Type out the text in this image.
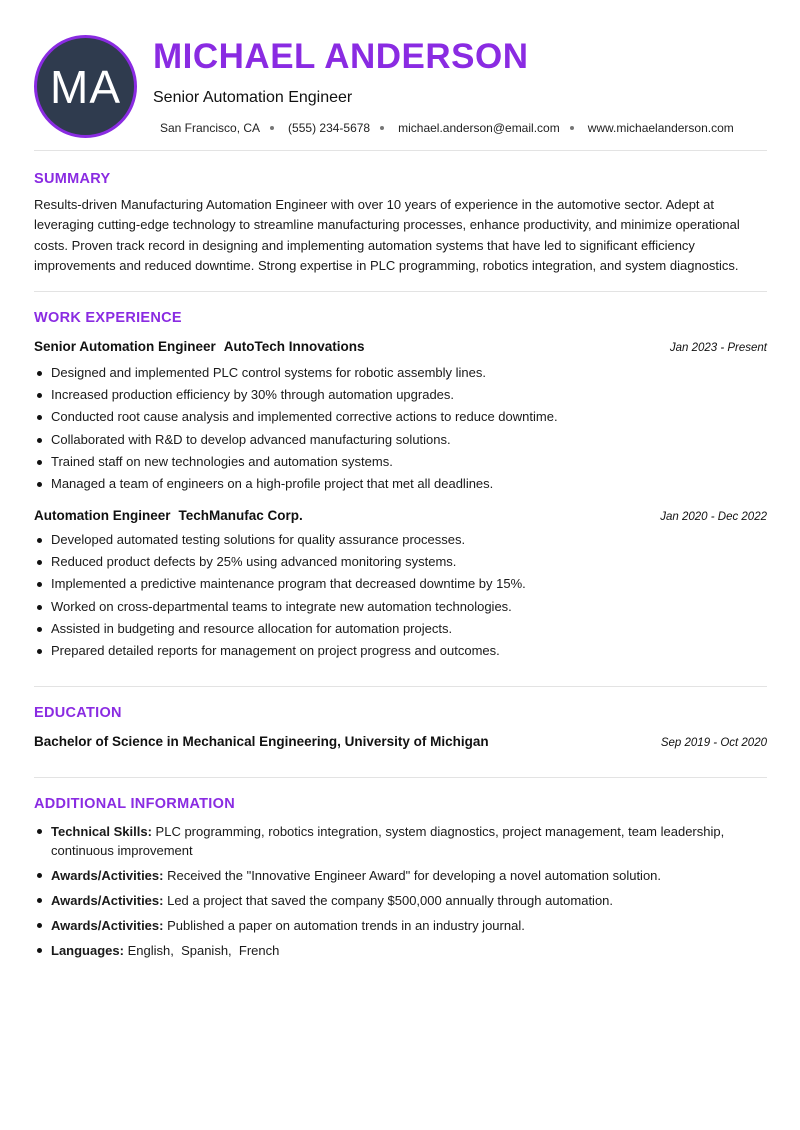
MA
MICHAEL ANDERSON
Senior Automation Engineer
San Francisco, CA (555) 234-5678 michael.anderson@email.com www.michaelanderson.com
SUMMARY

Results-driven Manufacturing Automation Engineer with over 10 years of experience in the automotive sector. Adept at leveraging cutting-edge technology to streamline manufacturing processes, enhance productivity, and minimize operational costs. Proven track record in designing and implementing automation systems that have led to significant efficiency improvements and reduced downtime. Strong expertise in PLC programming, robotics integration, and system diagnostics.

WORK EXPERIENCE
Senior Automation Engineer AutoTech Innovations	Jan 2023 - Present
Designed and implemented PLC control systems for robotic assembly lines.
Increased production efficiency by 30% through automation upgrades.
Conducted root cause analysis and implemented corrective actions to reduce downtime.
Collaborated with R&D to develop advanced manufacturing solutions.
Trained staff on new technologies and automation systems.
Managed a team of engineers on a high-profile project that met all deadlines.
Automation Engineer TechManufac Corp.	Jan 2020 - Dec 2022
Developed automated testing solutions for quality assurance processes.
Reduced product defects by 25% using advanced monitoring systems.
Implemented a predictive maintenance program that decreased downtime by 15%.
Worked on cross-departmental teams to integrate new automation technologies.
Assisted in budgeting and resource allocation for automation projects.
Prepared detailed reports for management on project progress and outcomes.
EDUCATION
Bachelor of Science in Mechanical Engineering, University of Michigan	Sep 2019 - Oct 2020
ADDITIONAL INFORMATION
Technical Skills: PLC programming, robotics integration, system diagnostics, project management, team leadership, continuous improvement
Awards/Activities: Received the "Innovative Engineer Award" for developing a novel automation solution.
Awards/Activities: Led a project that saved the company $500,000 annually through automation.
Awards/Activities: Published a paper on automation trends in an industry journal.
Languages: English,  Spanish,  French
